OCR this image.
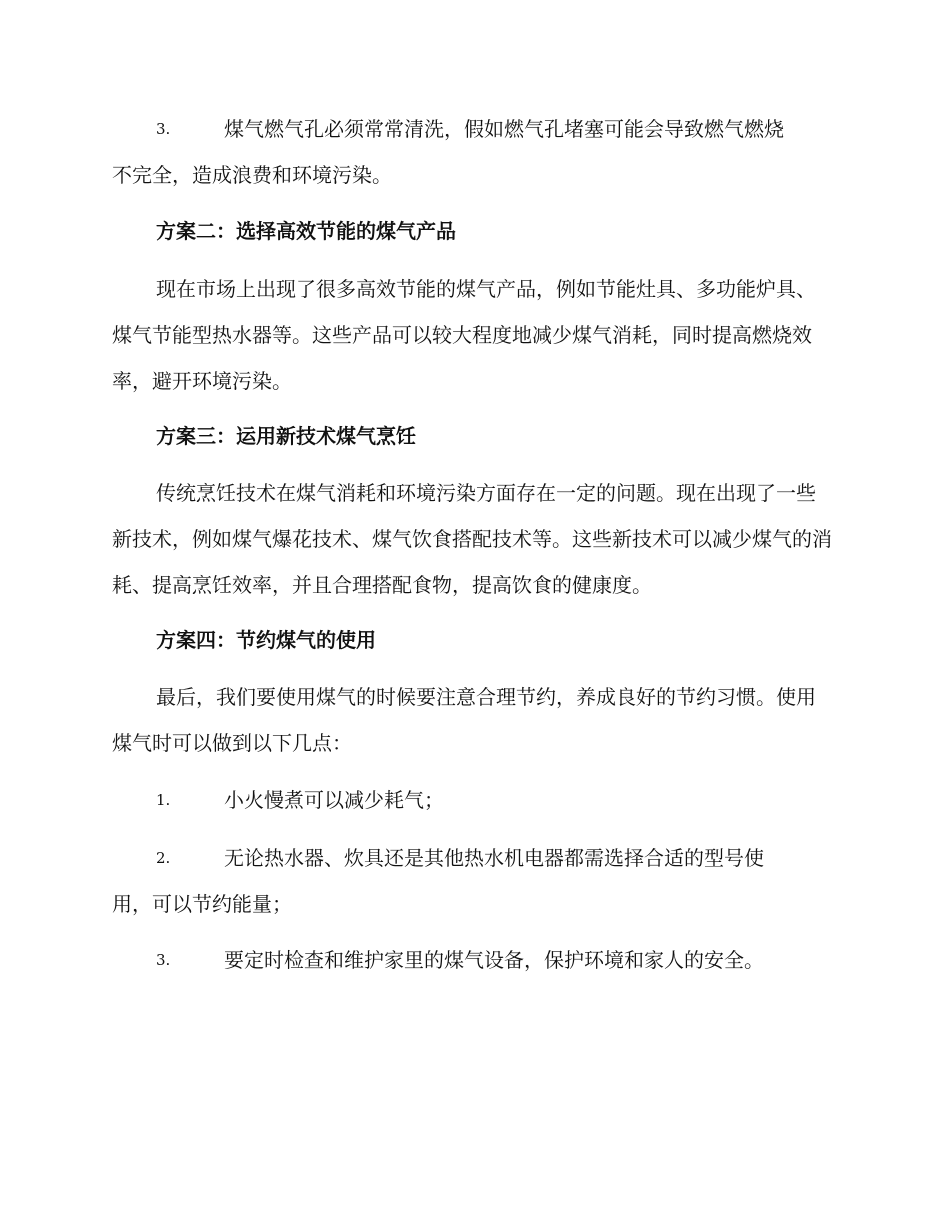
3.	煤气燃气孔必须常常清洗，假如燃气孔堵塞可能会导致燃气燃烧
不完全，造成浪费和环境污染。
方案二：选择高效节能的煤气产品
现在市场上出现了很多高效节能的煤气产品，例如节能灶具、多功能炉具、煤气节能型热水器等。这些产品可以较大程度地减少煤气消耗，同时提高燃烧效率，避开环境污染。
方案三：运用新技术煤气烹饪
传统烹饪技术在煤气消耗和环境污染方面存在一定的问题。现在出现了一些新技术，例如煤气爆花技术、煤气饮食搭配技术等。这些新技术可以减少煤气的消耗、提高烹饪效率，并且合理搭配食物，提高饮食的健康度。
方案四：节约煤气的使用
最后，我们要使用煤气的时候要注意合理节约，养成良好的节约习惯。使用煤气时可以做到以下几点：
1.	小火慢煮可以减少耗气；
2.	无论热水器、炊具还是其他热水机电器都需选择合适的型号使
用，可以节约能量；
3.	要定时检查和维护家里的煤气设备，保护环境和家人的安全。
